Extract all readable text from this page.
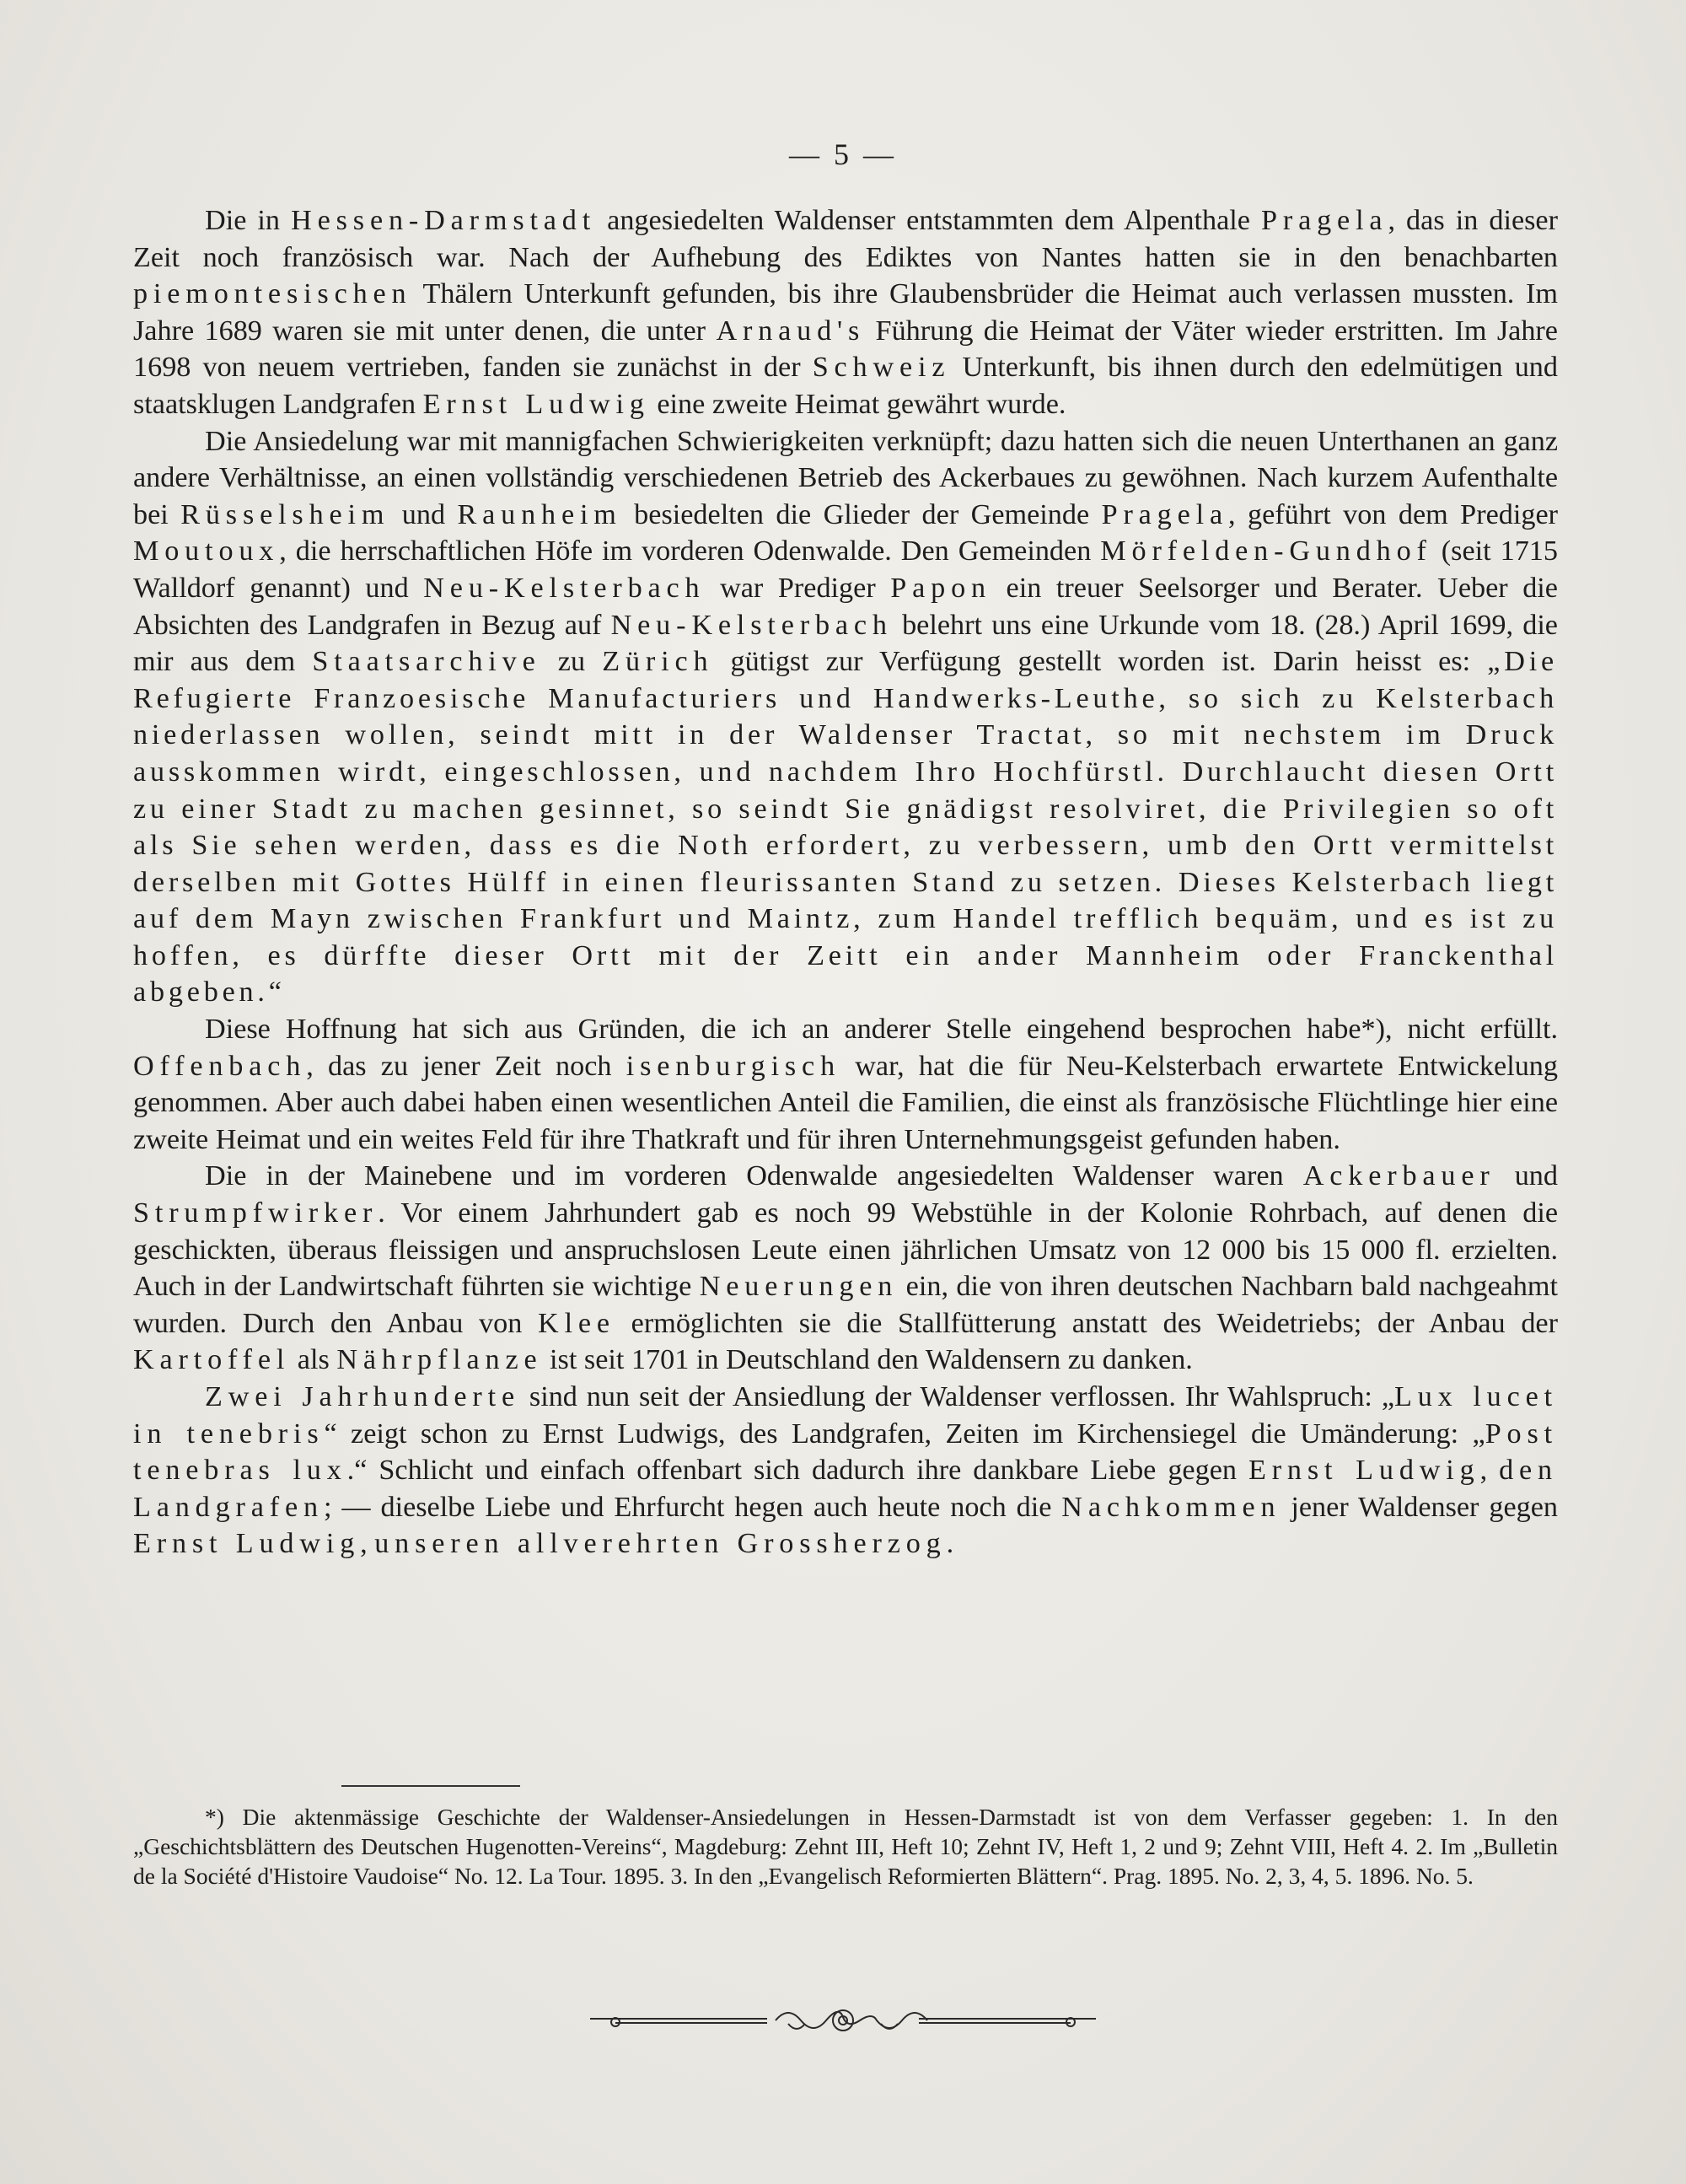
— 5 —

Die in Hessen-Darmstadt angesiedelten Waldenser entstammten dem Alpenthale Pragela, das in dieser Zeit noch französisch war. Nach der Aufhebung des Ediktes von Nantes hatten sie in den benachbarten piemontesischen Thälern Unterkunft gefunden, bis ihre Glaubensbrüder die Heimat auch verlassen mussten. Im Jahre 1689 waren sie mit unter denen, die unter Arnaud's Führung die Heimat der Väter wieder erstritten. Im Jahre 1698 von neuem vertrieben, fanden sie zunächst in der Schweiz Unterkunft, bis ihnen durch den edelmütigen und staatsklugen Landgrafen Ernst Ludwig eine zweite Heimat gewährt wurde.

Die Ansiedelung war mit mannigfachen Schwierigkeiten verknüpft; dazu hatten sich die neuen Unterthanen an ganz andere Verhältnisse, an einen vollständig verschiedenen Betrieb des Ackerbaues zu gewöhnen. Nach kurzem Aufenthalte bei Rüsselsheim und Raunheim besiedelten die Glieder der Gemeinde Pragela, geführt von dem Prediger Moutoux, die herrschaftlichen Höfe im vorderen Odenwalde. Den Gemeinden Mörfelden-Gundhof (seit 1715 Walldorf genannt) und Neu-Kelsterbach war Prediger Papon ein treuer Seelsorger und Berater. Ueber die Absichten des Landgrafen in Bezug auf Neu-Kelsterbach belehrt uns eine Urkunde vom 18. (28.) April 1699, die mir aus dem Staatsarchive zu Zürich gütigst zur Verfügung gestellt worden ist. Darin heisst es: „Die Refugierte Franzoesische Manufacturiers und Handwerks-Leuthe, so sich zu Kelsterbach niederlassen wollen, seindt mitt in der Waldenser Tractat, so mit nechstem im Druck ausskommen wirdt, eingeschlossen, und nachdem Ihro Hochfürstl. Durchlaucht diesen Ortt zu einer Stadt zu machen gesinnet, so seindt Sie gnädigst resolviret, die Privilegien so oft als Sie sehen werden, dass es die Noth erfordert, zu verbessern, umb den Ortt vermittelst derselben mit Gottes Hülff in einen fleurissanten Stand zu setzen. Dieses Kelsterbach liegt auf dem Mayn zwischen Frankfurt und Maintz, zum Handel trefflich bequäm, und es ist zu hoffen, es dürffte dieser Ortt mit der Zeitt ein ander Mannheim oder Franckenthal abgeben.“

Diese Hoffnung hat sich aus Gründen, die ich an anderer Stelle eingehend besprochen habe*), nicht erfüllt. Offenbach, das zu jener Zeit noch isenburgisch war, hat die für Neu-Kelsterbach erwartete Entwickelung genommen. Aber auch dabei haben einen wesentlichen Anteil die Familien, die einst als französische Flüchtlinge hier eine zweite Heimat und ein weites Feld für ihre Thatkraft und für ihren Unternehmungsgeist gefunden haben.

Die in der Mainebene und im vorderen Odenwalde angesiedelten Waldenser waren Ackerbauer und Strumpfwirker. Vor einem Jahrhundert gab es noch 99 Webstühle in der Kolonie Rohrbach, auf denen die geschickten, überaus fleissigen und anspruchslosen Leute einen jährlichen Umsatz von 12 000 bis 15 000 fl. erzielten. Auch in der Landwirtschaft führten sie wichtige Neuerungen ein, die von ihren deutschen Nachbarn bald nachgeahmt wurden. Durch den Anbau von Klee ermöglichten sie die Stallfütterung anstatt des Weidetriebs; der Anbau der Kartoffel als Nährpflanze ist seit 1701 in Deutschland den Waldensern zu danken.

Zwei Jahrhunderte sind nun seit der Ansiedlung der Waldenser verflossen. Ihr Wahlspruch: „Lux lucet in tenebris“ zeigt schon zu Ernst Ludwigs, des Landgrafen, Zeiten im Kirchensiegel die Umänderung: „Post tenebras lux.“ Schlicht und einfach offenbart sich dadurch ihre dankbare Liebe gegen Ernst Ludwig, den Landgrafen; — dieselbe Liebe und Ehrfurcht hegen auch heute noch die Nachkommen jener Waldenser gegen Ernst Ludwig, unseren allverehrten Grossherzog.

*) Die aktenmässige Geschichte der Waldenser-Ansiedelungen in Hessen-Darmstadt ist von dem Verfasser gegeben: 1. In den „Geschichtsblättern des Deutschen Hugenotten-Vereins“, Magdeburg: Zehnt III, Heft 10; Zehnt IV, Heft 1, 2 und 9; Zehnt VIII, Heft 4. 2. Im „Bulletin de la Société d'Histoire Vaudoise“ No. 12. La Tour. 1895. 3. In den „Evangelisch Reformierten Blättern“. Prag. 1895. No. 2, 3, 4, 5. 1896. No. 5.
